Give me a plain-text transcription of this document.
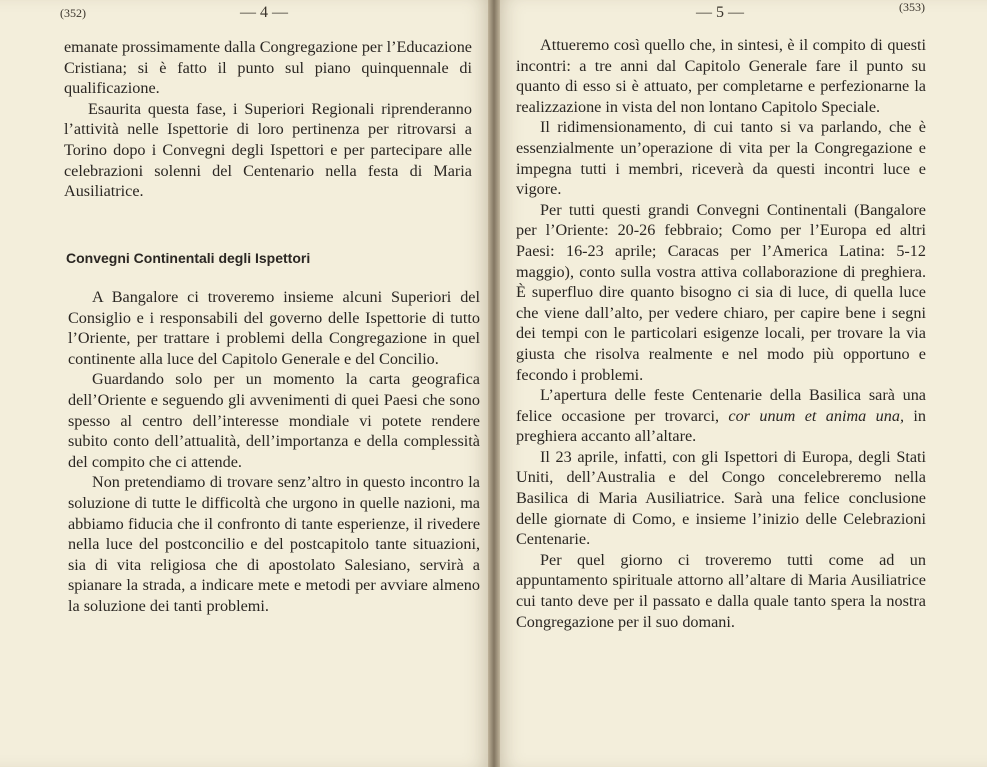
(352)	— 4 —

emanate prossimamente dalla Congregazione per l’Educazione Cristiana; si è fatto il punto sul piano quinquennale di qualificazione.

Esaurita questa fase, i Superiori Regionali riprenderanno l’attività nelle Ispettorie di loro pertinenza per ritrovarsi a Torino dopo i Convegni degli Ispettori e per partecipare alle celebrazioni solenni del Centenario nella festa di Maria Ausiliatrice.

Convegni Continentali degli Ispettori

A Bangalore ci troveremo insieme alcuni Superiori del Consiglio e i responsabili del governo delle Ispettorie di tutto l’Oriente, per trattare i problemi della Congregazione in quel continente alla luce del Capitolo Generale e del Concilio.

Guardando solo per un momento la carta geografica dell’Oriente e seguendo gli avvenimenti di quei Paesi che sono spesso al centro dell’interesse mondiale vi potete rendere subito conto dell’attualità, dell’importanza e della complessità del compito che ci attende.

Non pretendiamo di trovare senz’altro in questo incontro la soluzione di tutte le difficoltà che urgono in quelle nazioni, ma abbiamo fiducia che il confronto di tante esperienze, il rivedere nella luce del postconcilio e del postcapitolo tante situazioni, sia di vita religiosa che di apostolato Salesiano, servirà a spianare la strada, a indicare mete e metodi per avviare almeno la soluzione dei tanti problemi.

— 5 —	(353)

Attueremo così quello che, in sintesi, è il compito di questi incontri: a tre anni dal Capitolo Generale fare il punto su quanto di esso si è attuato, per completarne e perfezionarne la realizzazione in vista del non lontano Capitolo Speciale.

Il ridimensionamento, di cui tanto si va parlando, che è essenzialmente un’operazione di vita per la Congregazione e impegna tutti i membri, riceverà da questi incontri luce e vigore.

Per tutti questi grandi Convegni Continentali (Bangalore per l’Oriente: 20-26 febbraio; Como per l’Europa ed altri Paesi: 16-23 aprile; Caracas per l’America Latina: 5-12 maggio), conto sulla vostra attiva collaborazione di preghiera. È superfluo dire quanto bisogno ci sia di luce, di quella luce che viene dall’alto, per vedere chiaro, per capire bene i segni dei tempi con le particolari esigenze locali, per trovare la via giusta che risolva realmente e nel modo più opportuno e fecondo i problemi.

L’apertura delle feste Centenarie della Basilica sarà una felice occasione per trovarci, cor unum et anima una, in preghiera accanto all’altare.

Il 23 aprile, infatti, con gli Ispettori di Europa, degli Stati Uniti, dell’Australia e del Congo concelebreremo nella Basilica di Maria Ausiliatrice. Sarà una felice conclusione delle giornate di Como, e insieme l’inizio delle Celebrazioni Centenarie.

Per quel giorno ci troveremo tutti come ad un appuntamento spirituale attorno all’altare di Maria Ausiliatrice cui tanto deve per il passato e dalla quale tanto spera la nostra Congregazione per il suo domani.
